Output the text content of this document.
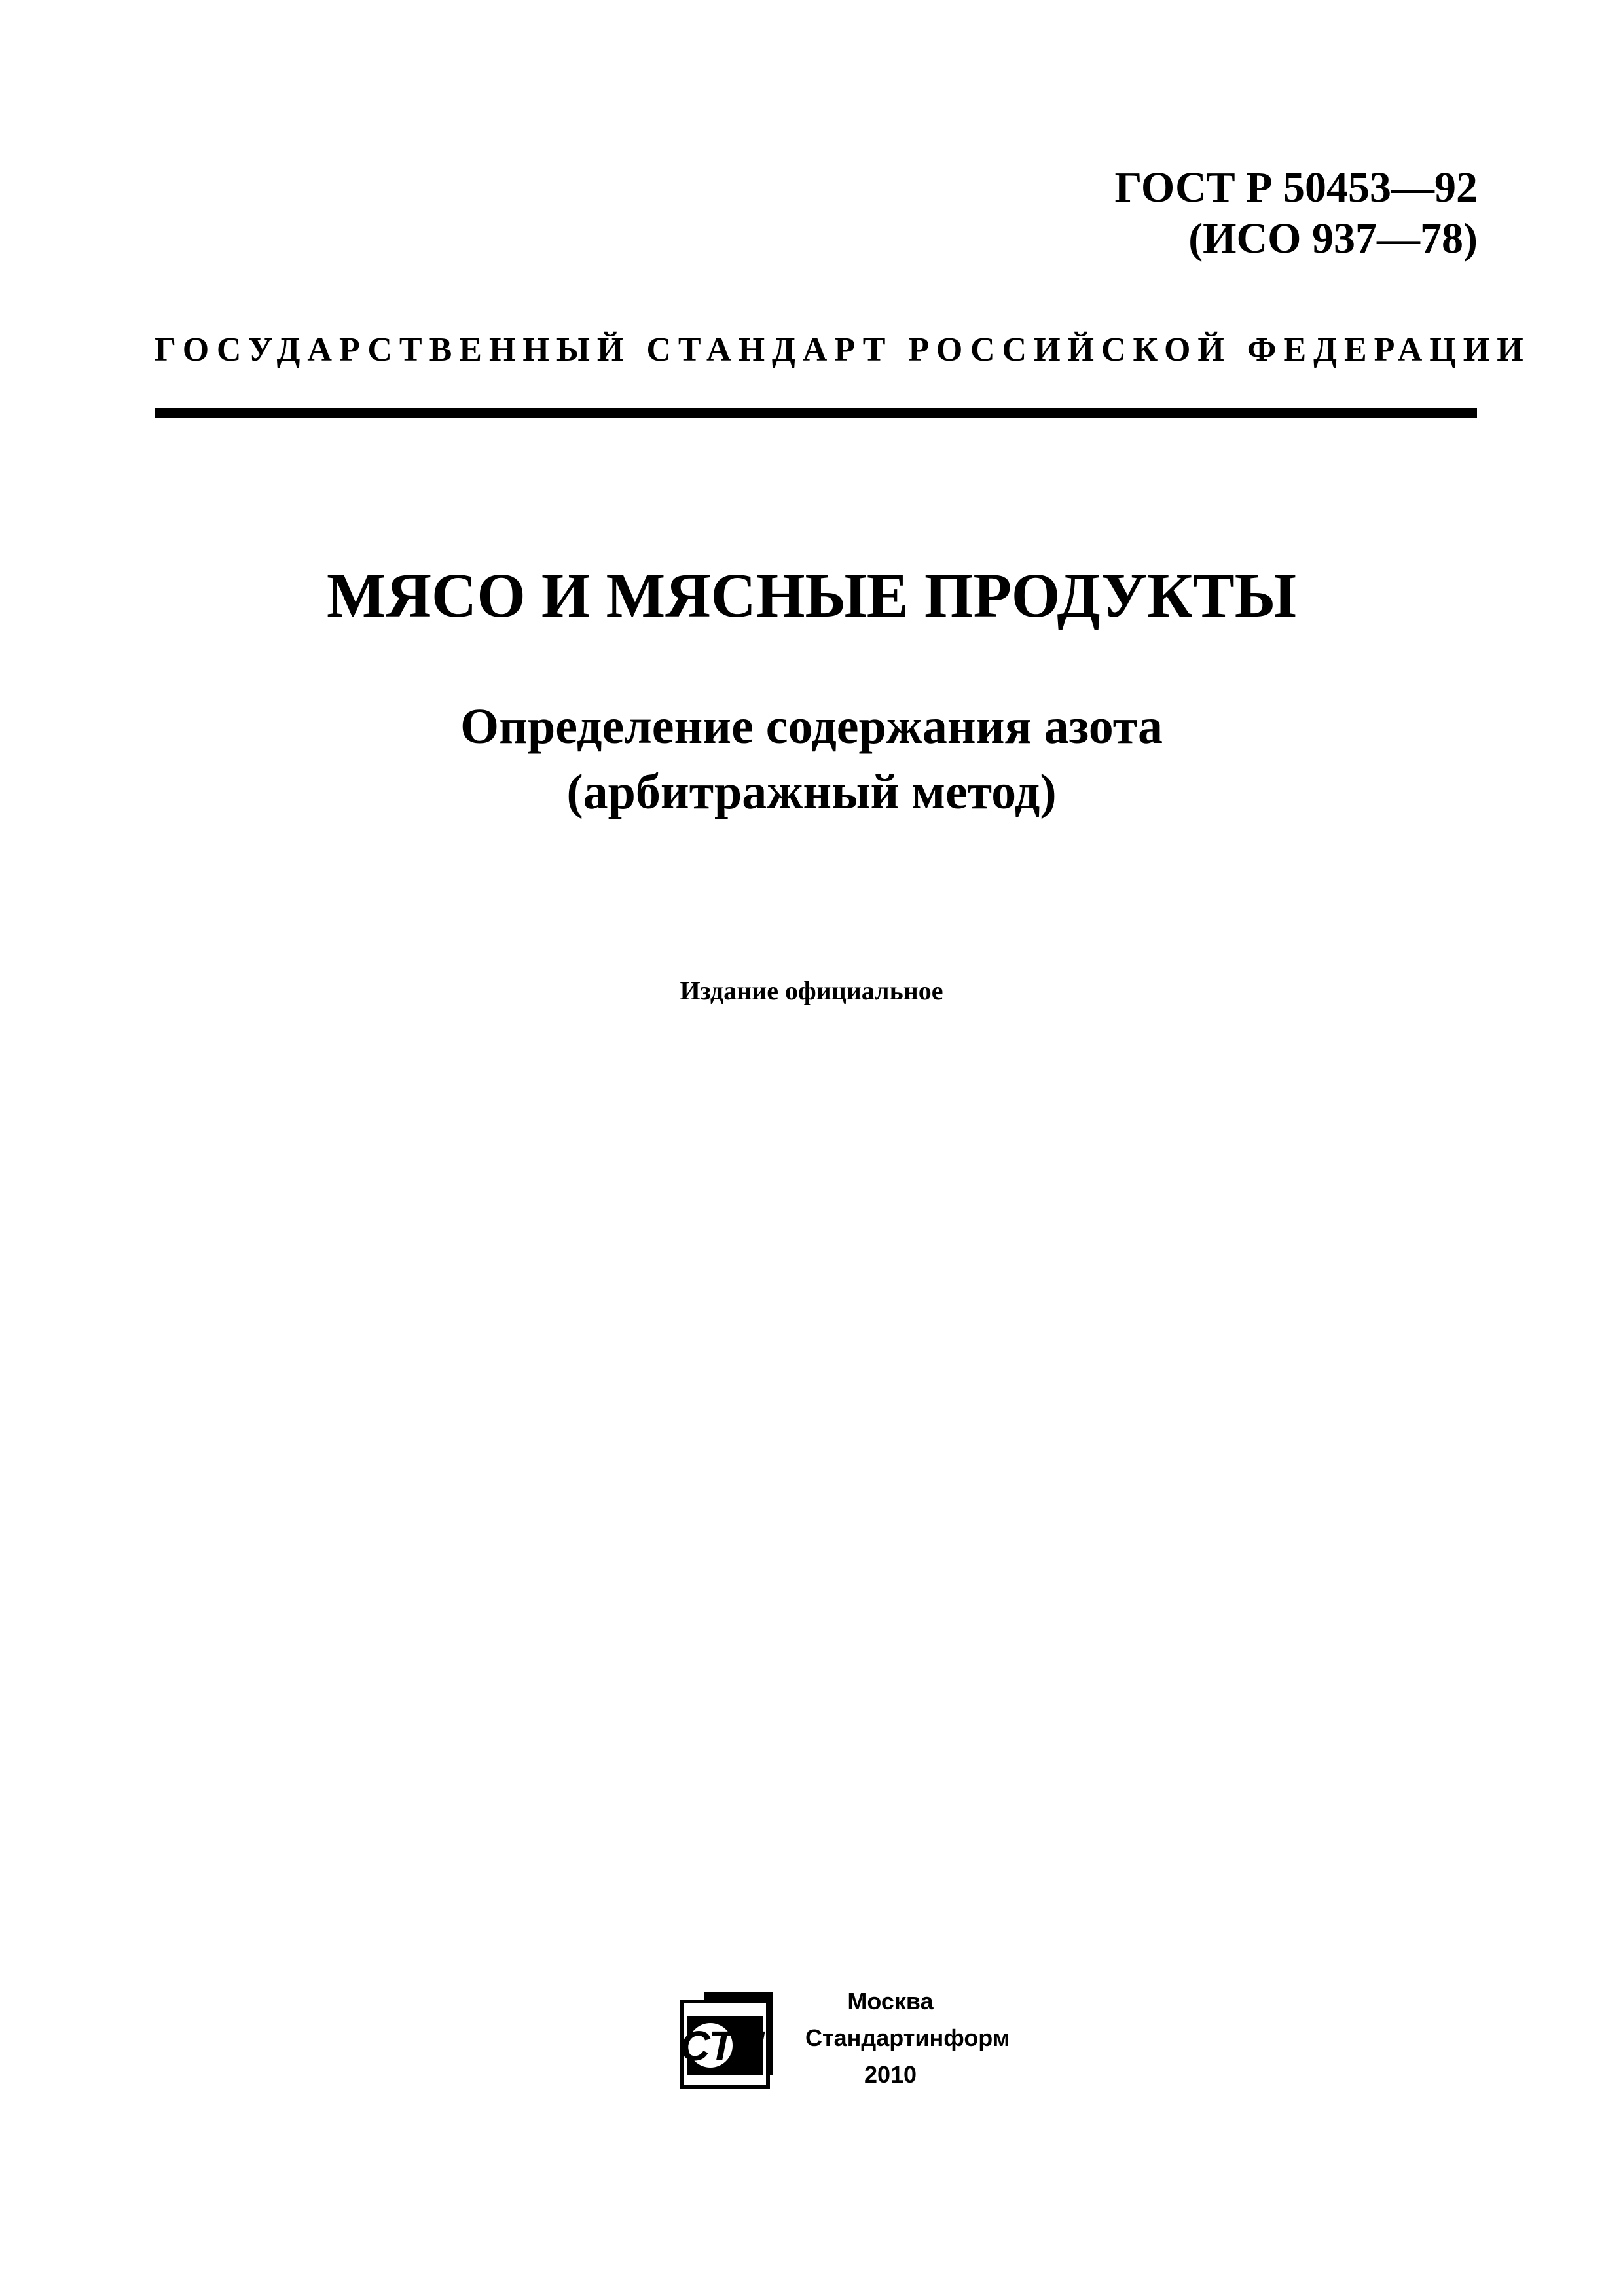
ГОСТ Р 50453—92
(ИСО 937—78)
ГОСУДАРСТВЕННЫЙ СТАНДАРТ РОССИЙСКОЙ ФЕДЕРАЦИИ
МЯСО И МЯСНЫЕ ПРОДУКТЫ
Определение содержания азота
(арбитражный метод)
Издание официальное
СТИ
Москва
Стандартинформ
2010
